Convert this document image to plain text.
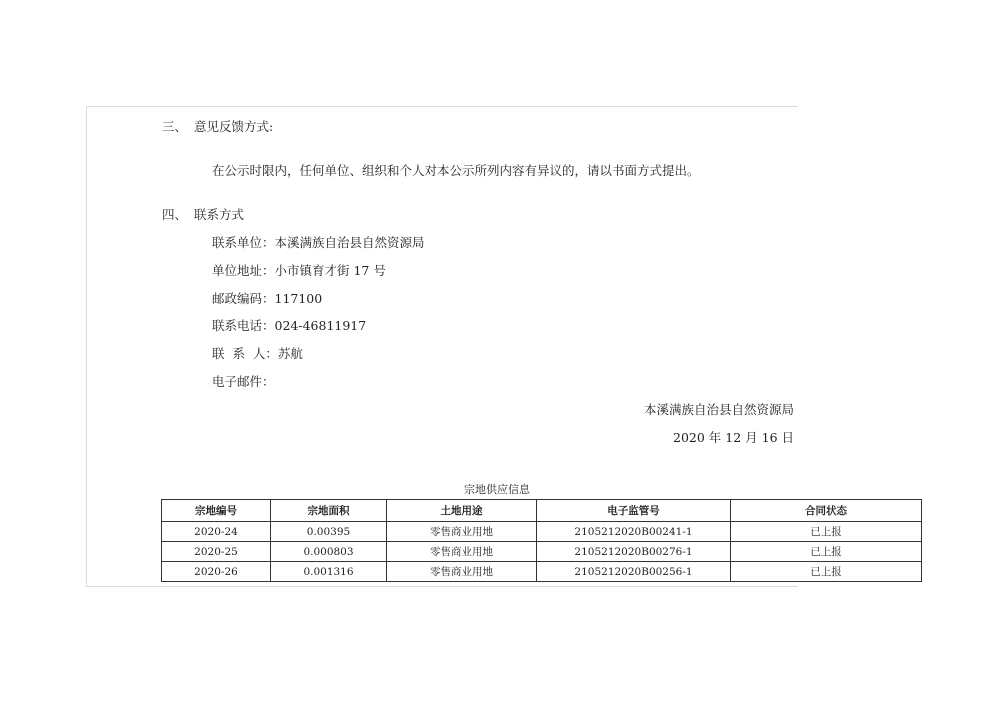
三、 意见反馈方式:
在公示时限内，任何单位、组织和个人对本公示所列内容有异议的，请以书面方式提出。
四、 联系方式
联系单位：本溪满族自治县自然资源局
单位地址：小市镇育才街 17 号
邮政编码：117100
联系电话：024-46811917
联  系  人：苏航
电子邮件：
本溪满族自治县自然资源局
2020 年 12 月 16 日
宗地供应信息
宗地编号	宗地面积	土地用途	电子监管号	合同状态
2020-24	0.00395	零售商业用地	2105212020B00241-1	已上报
2020-25	0.000803	零售商业用地	2105212020B00276-1	已上报
2020-26	0.001316	零售商业用地	2105212020B00256-1	已上报
